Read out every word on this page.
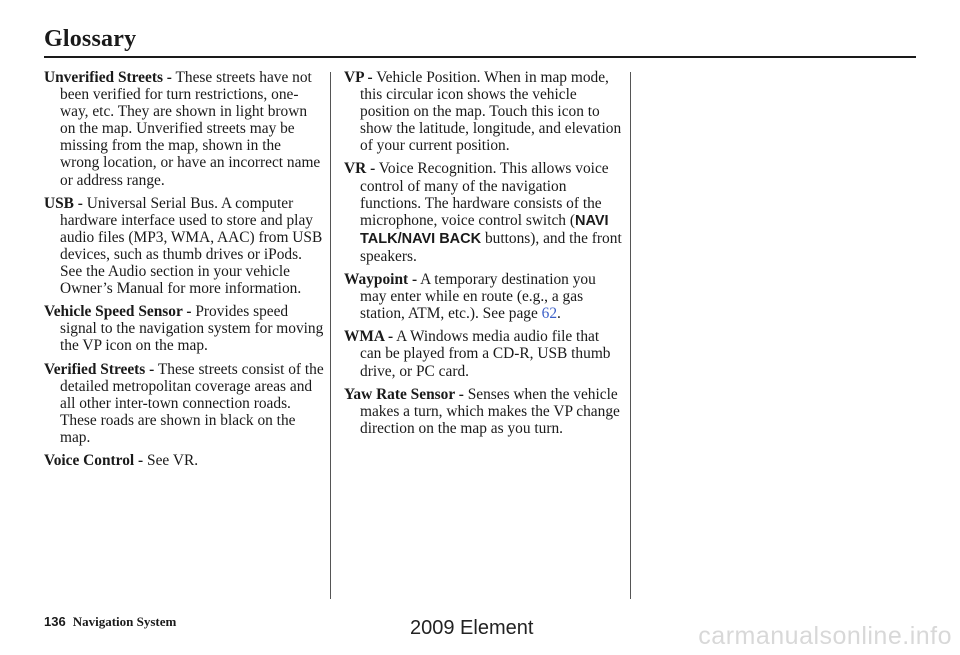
Glossary

Unverified Streets - These streets have not been verified for turn restrictions, one-way, etc. They are shown in light brown on the map. Unverified streets may be missing from the map, shown in the wrong location, or have an incorrect name or address range.

USB - Universal Serial Bus. A computer hardware interface used to store and play audio files (MP3, WMA, AAC) from USB devices, such as thumb drives or iPods. See the Audio section in your vehicle Owner’s Manual for more information.

Vehicle Speed Sensor - Provides speed signal to the navigation system for moving the VP icon on the map.

Verified Streets - These streets consist of the detailed metropolitan coverage areas and all other inter-town connection roads. These roads are shown in black on the map.

Voice Control - See VR.

VP - Vehicle Position. When in map mode, this circular icon shows the vehicle position on the map. Touch this icon to show the latitude, longitude, and elevation of your current position.

VR - Voice Recognition. This allows voice control of many of the navigation functions. The hardware consists of the microphone, voice control switch (NAVI TALK/NAVI BACK buttons), and the front speakers.

Waypoint - A temporary destination you may enter while en route (e.g., a gas station, ATM, etc.). See page 62.

WMA - A Windows media audio file that can be played from a CD-R, USB thumb drive, or PC card.

Yaw Rate Sensor - Senses when the vehicle makes a turn, which makes the VP change direction on the map as you turn.

136 Navigation System	2009 Element	carmanualsonline.info
